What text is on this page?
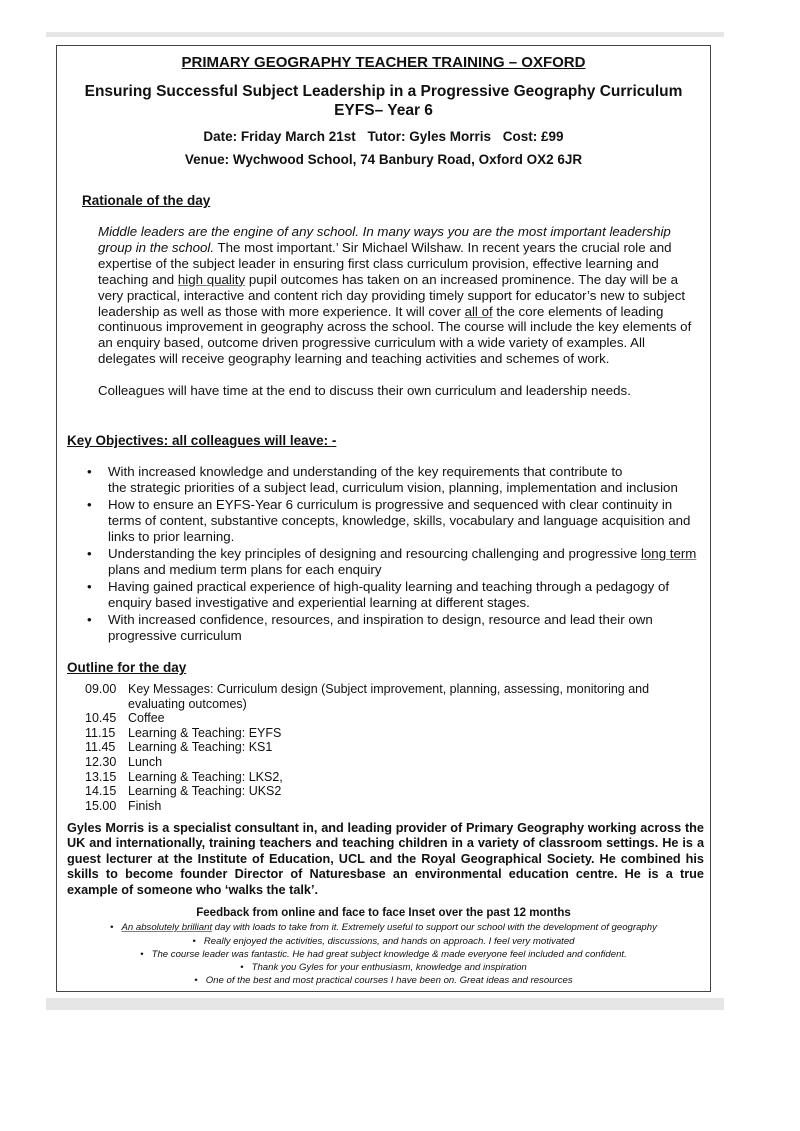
PRIMARY GEOGRAPHY TEACHER TRAINING – OXFORD
Ensuring Successful Subject Leadership in a Progressive Geography Curriculum
EYFS– Year 6
Date: Friday March 21st Tutor: Gyles Morris Cost: £99
Venue: Wychwood School, 74 Banbury Road, Oxford OX2 6JR
Rationale of the day

Middle leaders are the engine of any school. In many ways you are the most important leadership group in the school. The most important.’ Sir Michael Wilshaw. In recent years the crucial role and expertise of the subject leader in ensuring first class curriculum provision, effective learning and teaching and high quality pupil outcomes has taken on an increased prominence. The day will be a very practical, interactive and content rich day providing timely support for educator’s new to subject leadership as well as those with more experience. It will cover all of the core elements of leading continuous improvement in geography across the school. The course will include the key elements of an enquiry based, outcome driven progressive curriculum with a wide variety of examples. All delegates will receive geography learning and teaching activities and schemes of work.

Colleagues will have time at the end to discuss their own curriculum and leadership needs.

Key Objectives: all colleagues will leave: -
• With increased knowledge and understanding of the key requirements that contribute to
the strategic priorities of a subject lead, curriculum vision, planning, implementation and inclusion
• How to ensure an EYFS-Year 6 curriculum is progressive and sequenced with clear continuity in terms of content, substantive concepts, knowledge, skills, vocabulary and language acquisition and links to prior learning.
• Understanding the key principles of designing and resourcing challenging and progressive long term plans and medium term plans for each enquiry
• Having gained practical experience of high-quality learning and teaching through a pedagogy of enquiry based investigative and experiential learning at different stages.
• With increased confidence, resources, and inspiration to design, resource and lead their own progressive curriculum
Outline for the day
09.00	Key Messages: Curriculum design (Subject improvement, planning, assessing, monitoring and
	evaluating outcomes)
10.45	Coffee
11.15	Learning & Teaching: EYFS
11.45	Learning & Teaching: KS1
12.30	Lunch
13.15	Learning & Teaching: LKS2,
14.15	Learning & Teaching: UKS2
15.00	Finish
Gyles Morris is a specialist consultant in, and leading provider of Primary Geography working across the UK and internationally, training teachers and teaching children in a variety of classroom settings. He is a guest lecturer at the Institute of Education, UCL and the Royal Geographical Society. He combined his skills to become founder Director of Naturesbase an environmental education centre. He is a true example of someone who ‘walks the talk’.
Feedback from online and face to face Inset over the past 12 months
• An absolutely brilliant day with loads to take from it. Extremely useful to support our school with the development of geography
• Really enjoyed the activities, discussions, and hands on approach. I feel very motivated
• The course leader was fantastic. He had great subject knowledge & made everyone feel included and confident.
• Thank you Gyles for your enthusiasm, knowledge and inspiration
• One of the best and most practical courses I have been on. Great ideas and resources
